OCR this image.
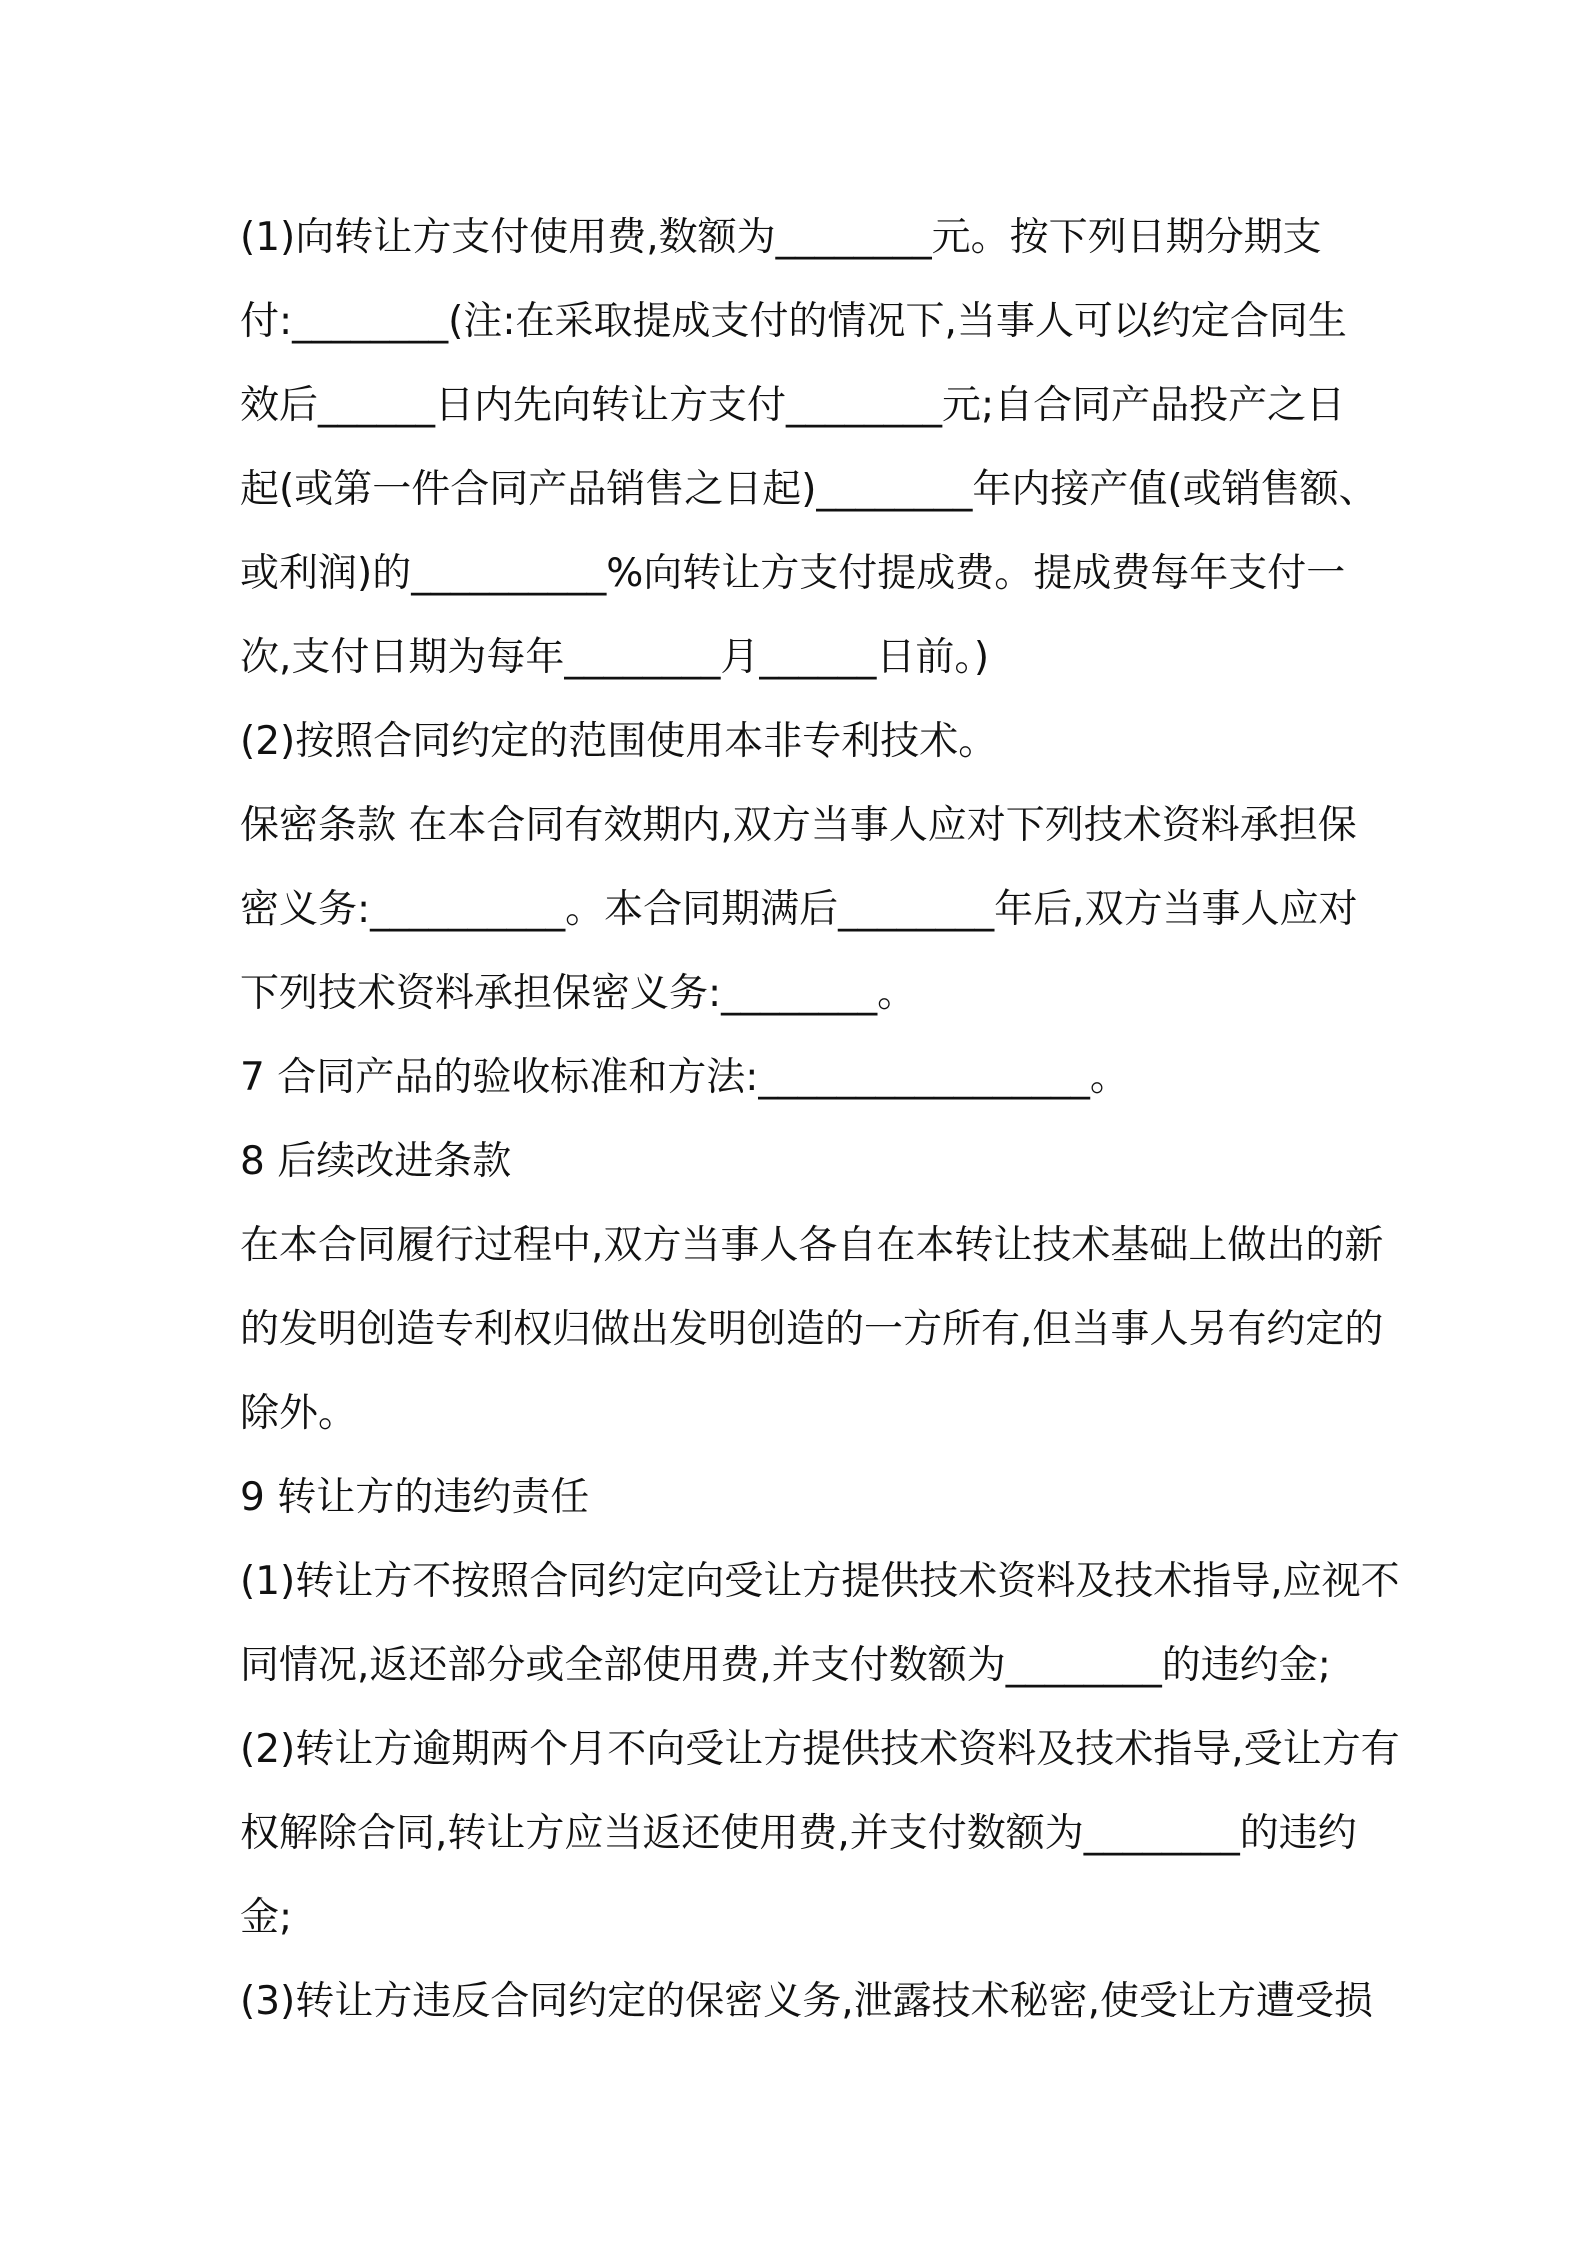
(1)向转让方支付使用费,数额为________元。按下列日期分期支
付:________(注:在采取提成支付的情况下,当事人可以约定合同生
效后______日内先向转让方支付________元;自合同产品投产之日
起(或第一件合同产品销售之日起)________年内接产值(或销售额、
或利润)的__________%向转让方支付提成费。提成费每年支付一
次,支付日期为每年________月______日前。)
(2)按照合同约定的范围使用本非专利技术。
保密条款 在本合同有效期内,双方当事人应对下列技术资料承担保
密义务:__________。本合同期满后________年后,双方当事人应对
下列技术资料承担保密义务:________。
7 合同产品的验收标准和方法:_________________。
8 后续改进条款
在本合同履行过程中,双方当事人各自在本转让技术基础上做出的新
的发明创造专利权归做出发明创造的一方所有,但当事人另有约定的
除外。
9 转让方的违约责任
(1)转让方不按照合同约定向受让方提供技术资料及技术指导,应视不
同情况,返还部分或全部使用费,并支付数额为________的违约金;
(2)转让方逾期两个月不向受让方提供技术资料及技术指导,受让方有
权解除合同,转让方应当返还使用费,并支付数额为________的违约
金;
(3)转让方违反合同约定的保密义务,泄露技术秘密,使受让方遭受损
